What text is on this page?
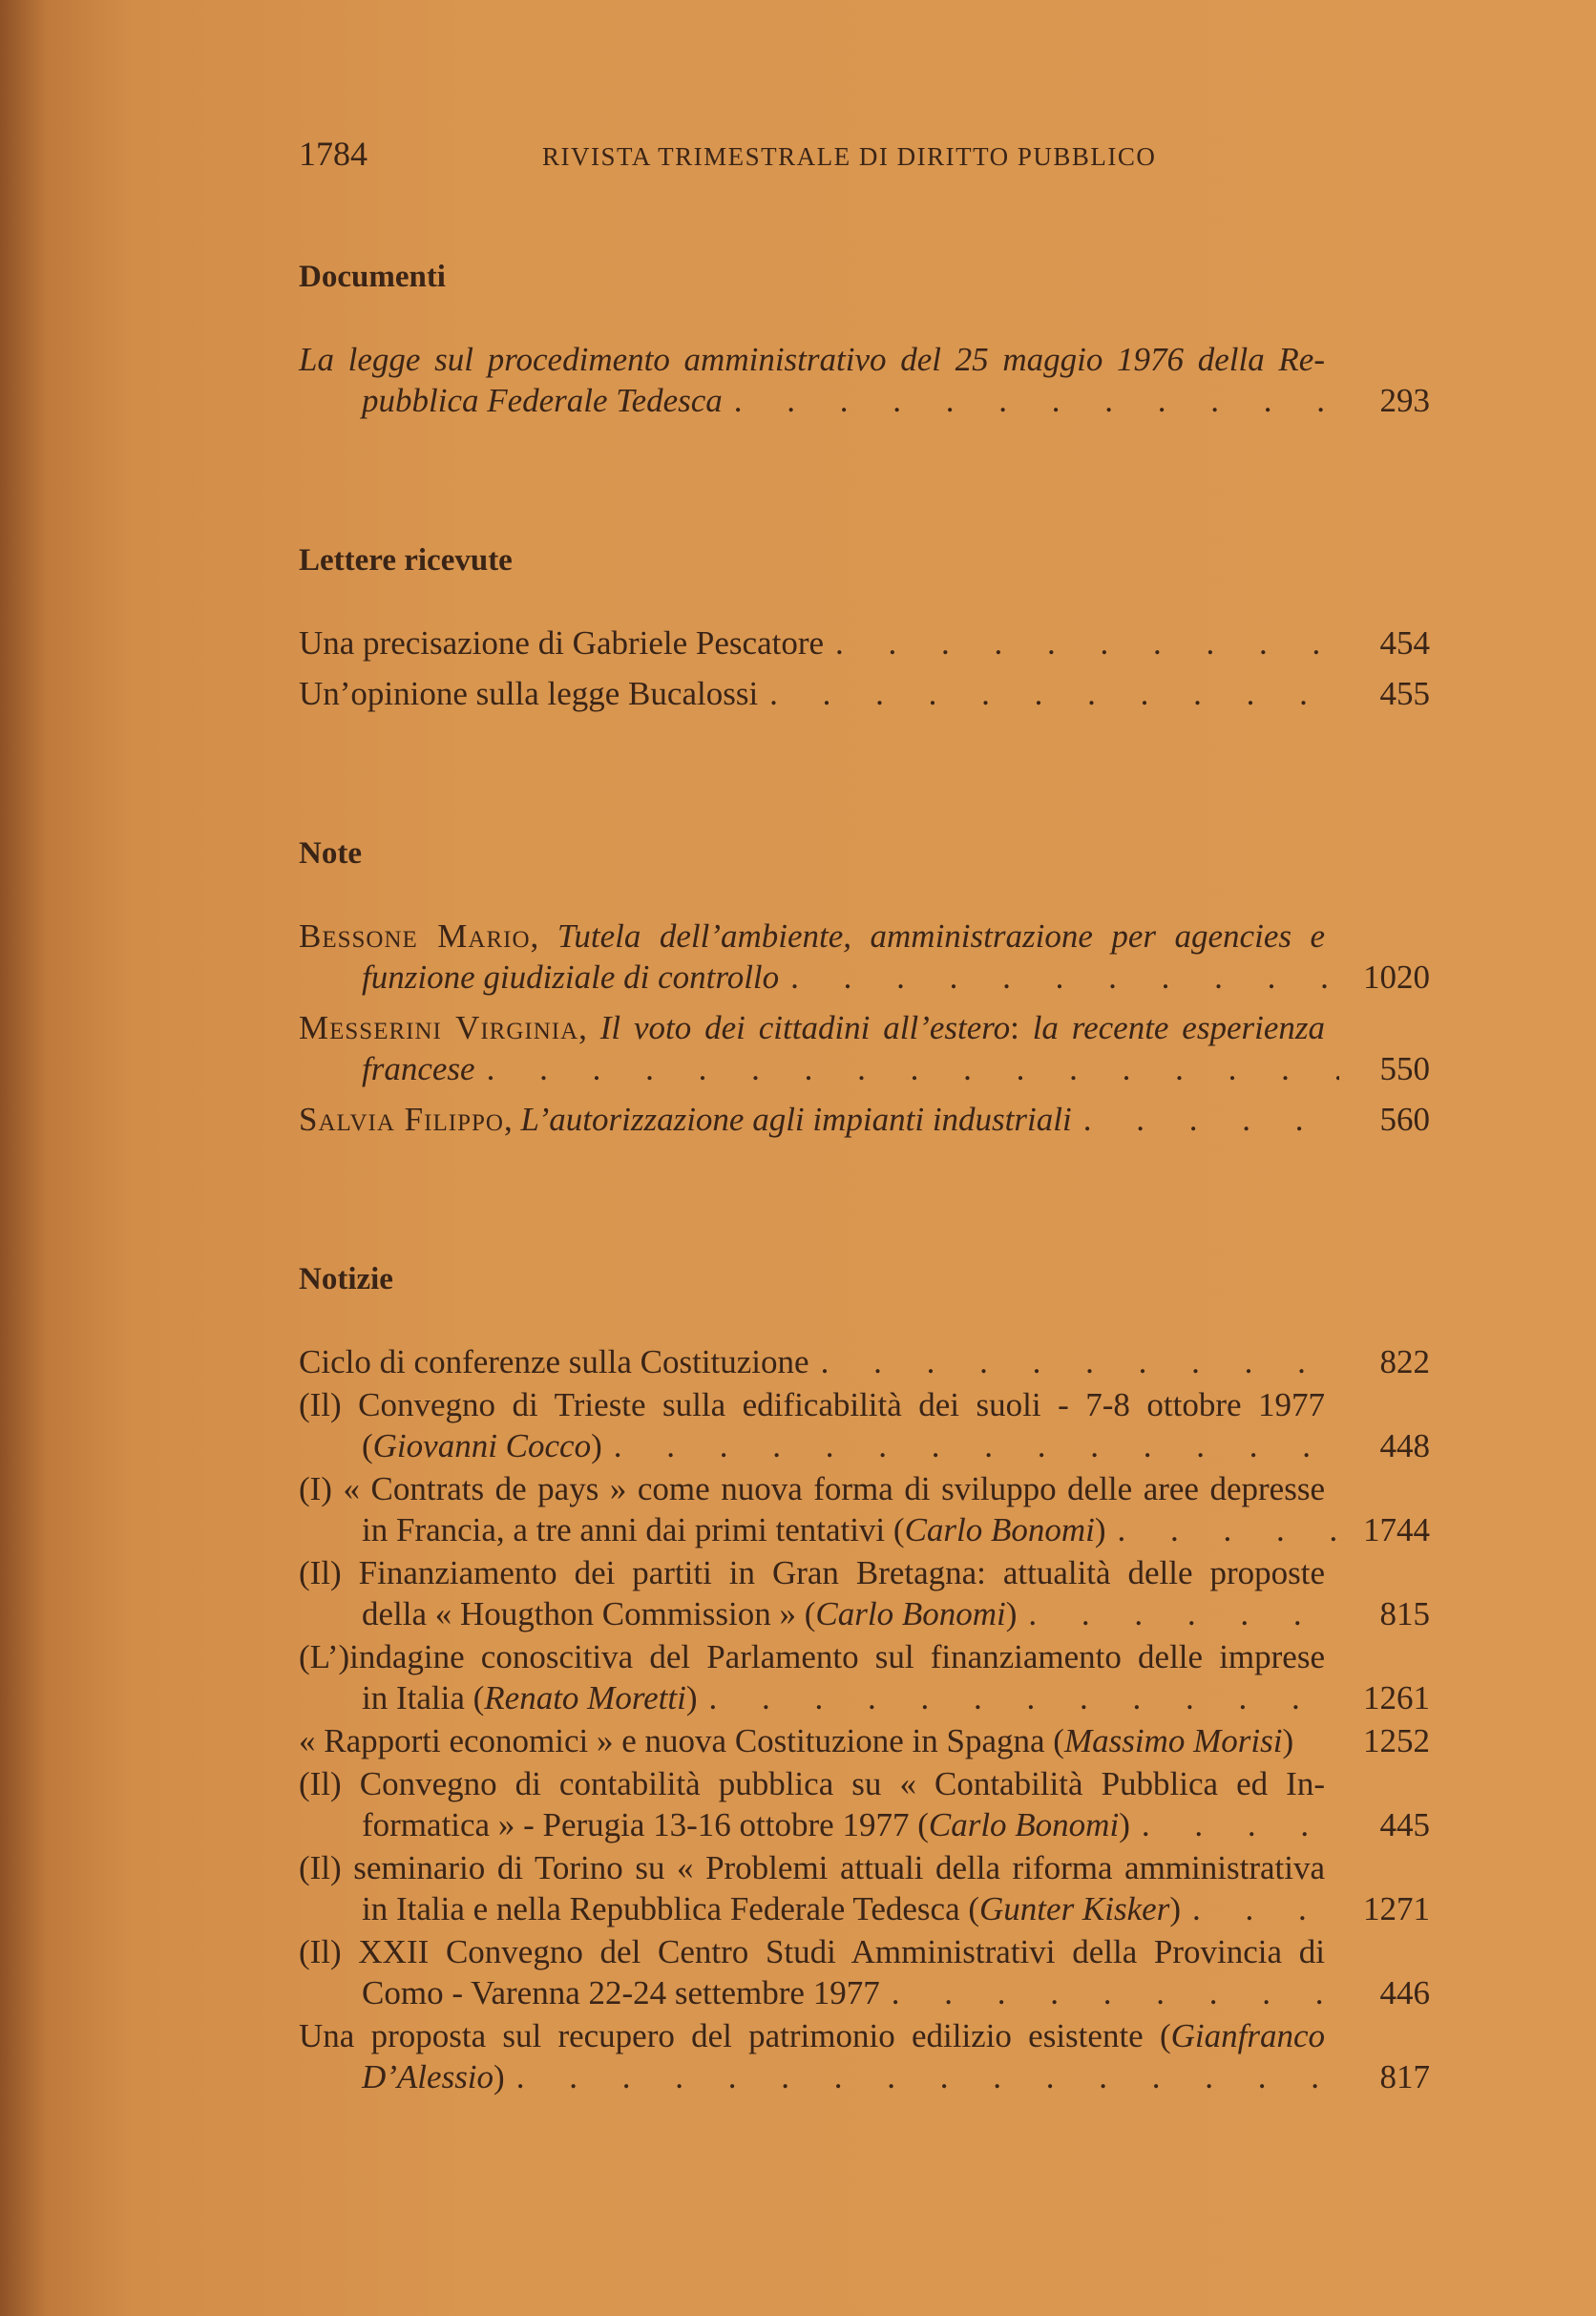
1784	RIVISTA TRIMESTRALE DI DIRITTO PUBBLICO
Documenti
La legge sul procedimento amministrativo del 25 maggio 1976 della Re-
pubblica Federale Tedesca . . .	293
Lettere ricevute
Una precisazione di Gabriele Pescatore . . .	454
Un’opinione sulla legge Bucalossi . . .	455
Note
Bessone Mario, Tutela dell’ambiente, amministrazione per agencies e
funzione giudiziale di controllo . . .	1020
Messerini Virginia, Il voto dei cittadini all’estero: la recente esperienza
francese . . .	550
Salvia Filippo, L’autorizzazione agli impianti industriali . . .	560
Notizie
Ciclo di conferenze sulla Costituzione . . .	822
(Il) Convegno di Trieste sulla edificabilità dei suoli - 7-8 ottobre 1977
(Giovanni Cocco) . . .	448
(I) « Contrats de pays » come nuova forma di sviluppo delle aree depresse
in Francia, a tre anni dai primi tentativi (Carlo Bonomi) . . .	1744
(Il) Finanziamento dei partiti in Gran Bretagna: attualità delle proposte
della « Hougthon Commission » (Carlo Bonomi) . . .	815
(L’)indagine conoscitiva del Parlamento sul finanziamento delle imprese
in Italia (Renato Moretti) . . .	1261
« Rapporti economici » e nuova Costituzione in Spagna (Massimo Morisi)	1252
(Il) Convegno di contabilità pubblica su « Contabilità Pubblica ed In-
formatica » - Perugia 13-16 ottobre 1977 (Carlo Bonomi) . . .	445
(Il) seminario di Torino su « Problemi attuali della riforma amministrativa
in Italia e nella Repubblica Federale Tedesca (Gunter Kisker) . . .	1271
(Il) XXII Convegno del Centro Studi Amministrativi della Provincia di
Como - Varenna 22-24 settembre 1977 . . .	446
Una proposta sul recupero del patrimonio edilizio esistente (Gianfranco
D’Alessio) . . .	817
